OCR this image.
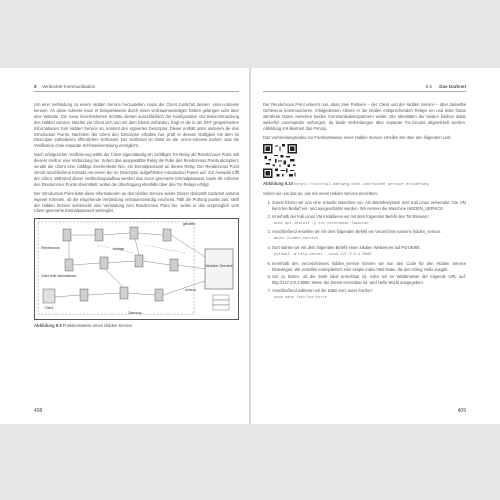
8 Verdeckte Kommunikation

Um eine Verbindung zu einem Hidden Service herzustellen, muss der Client zunächst dessen .onion-Adresse kennen. An diese Adresse kann er beispielsweise durch einen vertrauenswürdigen Dritten gelangen oder über eine Website. Die zuvor beschriebenen Schritte dienen ausschließlich der Konfiguration und Bekanntmachung des Hidden Service. Möchte ein Client sich nun mit dem Dienst verbinden, fragt er die in der DHT gespeicherten Informationen zum Hidden Service an, konkret den signierten Descriptor. Dieser enthält unter anderem die drei Introduction Points. Nachdem der Client den Descriptor erhalten hat, prüft er dessen Gültigkeit mit dem im Descriptor enthaltenen öffentlichen Schlüssel. Der Schlüssel ist direkt an die .onion-Adresse kodiert, was die Verifikation ohne separate Schlüsselverteilung ermöglicht.

Nach erfolgreicher Verifizierung wählt der Client eigenständig ein zufälliges Tor-Relay als Rendezvous Point. Mit diesem stellt er eine Verbindung her. Sofern das ausgewählte Relay die Rolle des Rendezvous Points akzeptiert, sendet der Client eine zufällige Zeichenkette hier, ein Einmalpasswort an dieses Relay. Der Rendezvous Point nimmt anschließend Kontakt mit einem der im Descriptor aufgeführten Introduction Points auf. Zur Auswahl trifft der Client. Während dieser Verbindungsaufbau werden das zuvor generierte Einmalpasswort sowie die Adresse des Rendezvous Points übermittelt, wobei die Übertragung ebenfalls über drei Tor-Relays erfolgt.

Der Introduction Point leitet diese Informationen an den Hidden Service weiter. Dieser überprüft zunächst anhand eigener Kriterien, ob die eingehende Verbindung vertrauenswürdig erscheint. Fällt die Prüfung positiv aus, stellt der Hidden Service seinerseits eine Verbindung zum Rendezvous Point her, wobei er das ursprünglich vom Client generierte Einmalpasswort weitergibt.

Hidden Service
Client
Rendezvous
Client fehlt Informationen
Directory
gehalten
Anfrage
Antwort
Abbildung 8.9 Funktionsweise eines Hidden Service
408
8.5 Das Darknet

Der Rendezvous Point erkennt nun, dass zwei Parteien – der Client und der Hidden Service – über dasselbe Geheimnis kommunizieren. Infolgedessen stimmt er die beiden entsprechenden Relays ein und leitet fortan sämtliche Daten zwischen beiden Kommunikationspartnern weiter. Die Identitäten der beiden bleiben dabei weiterhin voneinander verborgen, da beide Verbindungen über separate Tor-Circuits abgewickelt werden. Abbildung 8.9 illustriert das Prinzip.

Das Vorbereitungsvideo zur Funktionsweise eines Hidden Service erhellen Sie über den folgenden Link:

Abbildung 8.10 https://tutorial.dahlweg-tech.com/hidden_service_erklaerung

Sehen wir uns das an, wie Sie einen Hidden Service einrichten:

1. Zuerst führen wir uns eine virtuelle Maschine ein. Als Betriebssystem wird Kali Linux verwendet. Die VM kann bei Bedarf ein- und ausgeschaltet werden. Wir nennen die Maschine HIDDEN_SERVICE.
2. Innerhalb der Kali Linux VM installieren wir mit dem folgenden Befehl den Tor-Browser:
sudo apt install -y tor torbrowser-launcher
3. Anschließend erstellen wir mit dem folgenden Befehl ein Verzeichnis namens hidden_service.
mkdir hidden_service
4. Dort starten wir mit dem folgenden Befehl einen lokalen Webserver auf Port 8080:
python3 -m http.server --bind 127.0.0.1 8080
5. Innerhalb des Verzeichnisses hidden_service können wir nun den Code für den Hidden Service hinterlegen. Wir erstellen exemplarisch eine simple index.html-Datei, die den String Hello ausgibt.
6. Um zu testen, ob die Seite lokal erreichbar ist, rufen wir im Webbrowser die folgende URL auf: http://127.0.0.1:8080. Wenn der Dienst erreichbar ist, wird Hello World ausgegeben.
7. Anschließend editieren wir die Datei torrc unter /etc/tor/:
sudo nano /etc/tor/torrc
409
